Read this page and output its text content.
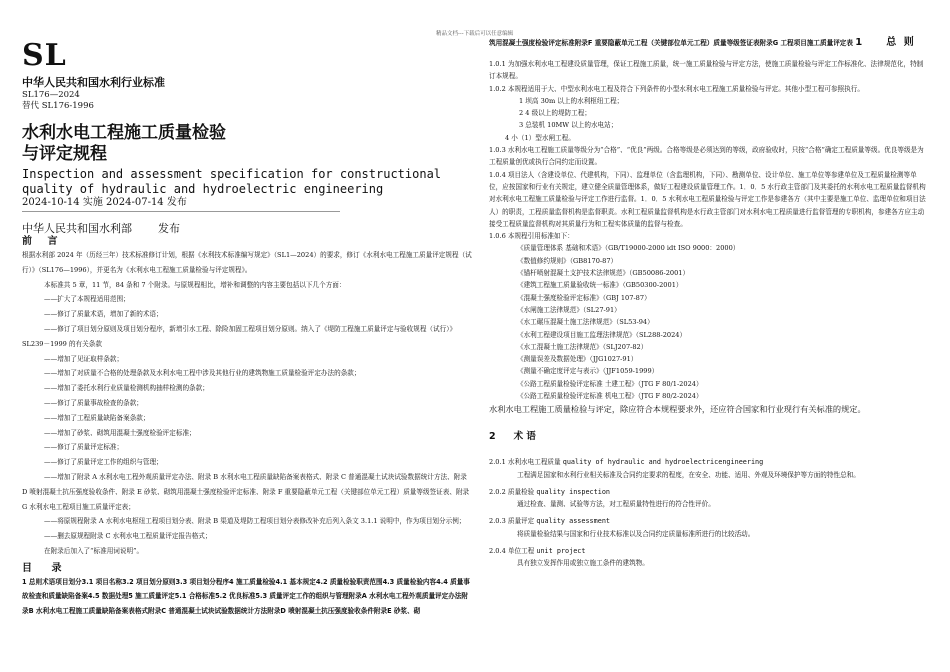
精品文档---下载后可以任意编辑
SL
中华人民共和国水利行业标准
SL176—2024
替代 SL176-1996
水利水电工程施工质量检验
与评定规程
Inspection and assessment specification for constructional
quality of hydraulic and hydroelectric engineering
2024-10-14 实施 2024-07-14 发布
中华人民共和国水利部 发布
前 言
根据水利部 2024 年（历经三年）技术标准修订计划，根据《水利技术标准编写规定》（SL1—2024）的要求，修订《水利水电工程施工质量评定规程（试行）》（SL176—1996），并更名为《水利水电工程施工质量检验与评定规程》。
本标准共 5 章，11 节，84 条和 7 个附录。与原规程相比，增补和调整的内容主要包括以下几个方面：
——扩大了本规程适用范围；
——修订了质量术语，增加了新的术语；
——修订了项目划分原则及项目划分程序，新增引水工程、除险加固工程项目划分原则。纳入了《堤防工程施工质量评定与验收规程（试行）》SL239－1999 的有关条款
——增加了见证取样条款；
——增加了对质量不合格的处理条款及水利水电工程中涉及其他行业的建筑物施工质量检验评定办法的条款；
——增加了委托水利行业质量检测机构抽样检测的条款；
——修订了质量事故检查的条款；
——增加了工程质量缺陷备案条款；
——增加了砂浆、砌筑用混凝土强度检验评定标准；
——修订了质量评定标准；
——修订了质量评定工作的组织与管理；
——增加了附录 A 水利水电工程外观质量评定办法、附录 B 水利水电工程质量缺陷备案表格式、附录 C 普通混凝土试块试验数据统计方法、附录 D 喷射混凝土抗压强度验收条件、附录 E 砂浆、砌筑用混凝土强度检验评定标准、附录 F 重要隐蔽单元工程（关键部位单元工程）质量等级签证表、附录 G 水利水电工程项目施工质量评定表；
——将原规程附录 A 水利水电枢纽工程项目划分表、附录 B 渠道及堤防工程项目划分表修改补充后列入条文 3.1.1 说明中，作为项目划分示例；
——删去原规程附录 C 水利水电工程质量评定报告格式；
在附录后加入了“标准用词说明”。
目 录
1 总则术语项目划分3.1 项目名称3.2 项目划分原则3.3 项目划分程序4 施工质量检验4.1 基本规定4.2 质量检验职责范围4.3 质量检验内容4.4 质量事故检查和质量缺陷备案4.5 数据处理5 施工质量评定5.1 合格标准5.2 优良标准5.3 质量评定工作的组织与管理附录A 水利水电工程外观质量评定办法附录B 水利水电工程施工质量缺陷备案表格式附录C 普通混凝土试块试验数据统计方法附录D 喷射混凝土抗压强度验收条件附录E 砂浆、砌
筑用混凝土强度检验评定标准附录F 重要隐蔽单元工程（关键部位单元工程）质量等级签证表附录G 工程项目施工质量评定表 1 总 则
1.0.1 为加强水利水电工程建设质量管理，保证工程施工质量，统一施工质量检验与评定方法，使施工质量检验与评定工作标准化、法律规范化，特制订本规程。
1.0.2 本规程适用于大、中型水利水电工程及符合下列条件的小型水利水电工程施工质量检验与评定。其他小型工程可参照执行。
1 坝高 30m 以上的水利枢纽工程；
2 4 级以上的堤防工程；
3 总装机 10MW 以上的水电站；
4 小（1）型水闸工程。
1.0.3 水利水电工程施工质量等级分为“合格”、“优良”两级。合格等级是必须达到的等级，政府验收时，只按“合格”确定工程质量等级。优良等级是为工程质量创优或执行合同约定而设置。
1.0.4 项目法人（含建设单位、代建机构，下同）、监理单位（含监理机构，下同）、勘测单位、设计单位、施工单位等参建单位及工程质量检测等单位，应按国家和行业有关规定，建立健全质量管理体系，做好工程建设质量管理工作。1．0．5 水行政主管部门及其委托的水利水电工程质量监督机构对水利水电工程施工质量检验与评定工作进行监督。1．0．5 水利水电工程质量检验与评定工作是参建各方（其中主要是施工单位、监理单位和项目法人）的职责，工程质量监督机构是监督职责。水利工程质量监督机构是水行政主管部门对水利水电工程质量进行监督管理的专职机构，参建各方应主动接受工程质量监督机构对其质量行为和工程实体质量的监督与检查。
1.0.6 本规程引用标准如下：
《质量管理体系 基础和术语》（GB/T19000-2000 idt ISO 9000：2000）
《数值修约规则》（GB8170-87）
《锚杆喷射混凝土支护技术法律规范》（GB50086-2001）
《建筑工程施工质量验收统一标准》（GB50300-2001）
《混凝土强度检验评定标准》（GBJ 107-87）
《水闸施工法律规范》（SL27-91）
《水工碾压混凝土施工法律规范》（SL53-94）
《水利工程建设项目施工监理法律规范》（SL288-2024）
《水工混凝土施工法律规范》（SLJ207-82）
《测量误差及数据处理》（JJG1027-91）
《测量不确定度评定与表示》（JJF1059-1999）
《公路工程质量检验评定标准 土建工程》（JTG F 80/1-2024）
《公路工程质量检验评定标准 机电工程》（JTG F 80/2-2024）
水利水电工程施工质量检验与评定，除应符合本规程要求外，还应符合国家和行业现行有关标准的规定。
2 术 语
2.0.1 水利水电工程质量 quality of hydraulic and hydroelectricengineering
工程满足国家和水利行业相关标准及合同约定要求的程度，在安全、功能、适用、外观及环境保护等方面的特性总和。
2.0.2 质量检验 quality inspection
通过检查、量测、试验等方法，对工程质量特性进行的符合性评价。
2.0.3 质量评定 quality assessment
将质量检验结果与国家和行业技术标准以及合同约定质量标准所进行的比较活动。
2.0.4 单位工程 unit project
具有独立发挥作用或独立施工条件的建筑物。
